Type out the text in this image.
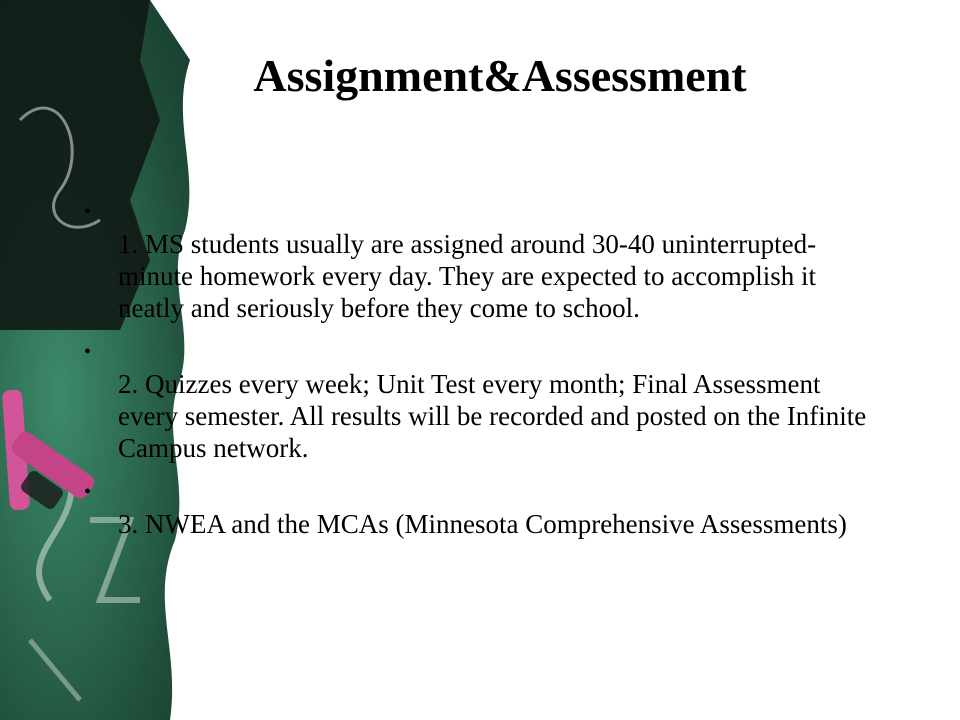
Assignment&Assessment
•
1. MS students usually are assigned around 30-40 uninterrupted-minute homework every day. They are expected to accomplish it neatly and seriously before they come to school.
•
2. Quizzes every week; Unit Test every month; Final Assessment every semester. All results will be recorded and posted on the Infinite Campus network.
•
3. NWEA and the MCAs (Minnesota Comprehensive Assessments)
